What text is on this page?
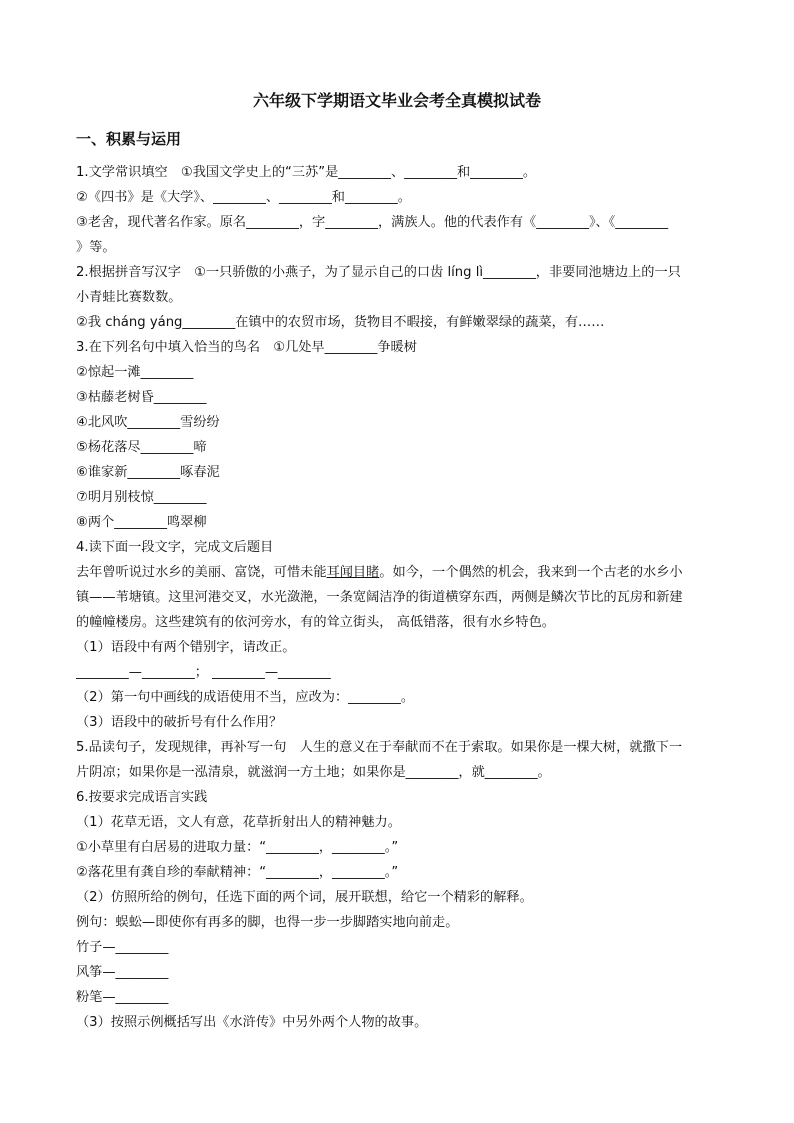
六年级下学期语文毕业会考全真模拟试卷
一、积累与运用
1.文学常识填空　①我国文学史上的“三苏”是________、________和________。
②《四书》是《大学》、________、________和________。
③老舍，现代著名作家。原名________，字________，满族人。他的代表作有《________》、《________
》等。
2.根据拼音写汉字　①一只骄傲的小燕子，为了显示自己的口齿 líng lì________，非要同池塘边上的一只
小青蛙比赛数数。
②我 cháng yáng________在镇中的农贸市场，货物目不暇接，有鲜嫩翠绿的蔬菜，有……
3.在下列名句中填入恰当的鸟名　①几处早________争暖树
②惊起一滩________
③枯藤老树昏________
④北风吹________雪纷纷
⑤杨花落尽________啼
⑥谁家新________啄春泥
⑦明月别枝惊________
⑧两个________鸣翠柳
4.读下面一段文字，完成文后题目
去年曾听说过水乡的美丽、富饶，可惜未能耳闻目睹。如今，一个偶然的机会，我来到一个古老的水乡小
镇——苇塘镇。这里河港交叉，水光潋滟，一条宽阔洁净的街道横穿东西，两侧是鳞次节比的瓦房和新建
的幢幢楼房。这些建筑有的依河旁水，有的耸立街头， 高低错落，很有水乡特色。
（1）语段中有两个错别字，请改正。
________—________； ________—________
（2）第一句中画线的成语使用不当，应改为：________。
（3）语段中的破折号有什么作用？
5.品读句子，发现规律，再补写一句　人生的意义在于奉献而不在于索取。如果你是一棵大树，就撒下一
片阴凉；如果你是一泓清泉，就滋润一方土地；如果你是________，就________。
6.按要求完成语言实践
（1）花草无语，文人有意，花草折射出人的精神魅力。
①小草里有白居易的进取力量：“________，________。”
②落花里有龚自珍的奉献精神：“________，________。”
（2）仿照所给的例句，任选下面的两个词，展开联想，给它一个精彩的解释。
例句：蜈蚣—即使你有再多的脚，也得一步一步脚踏实地向前走。
竹子—________
风筝—________
粉笔—________
（3）按照示例概括写出《水浒传》中另外两个人物的故事。
